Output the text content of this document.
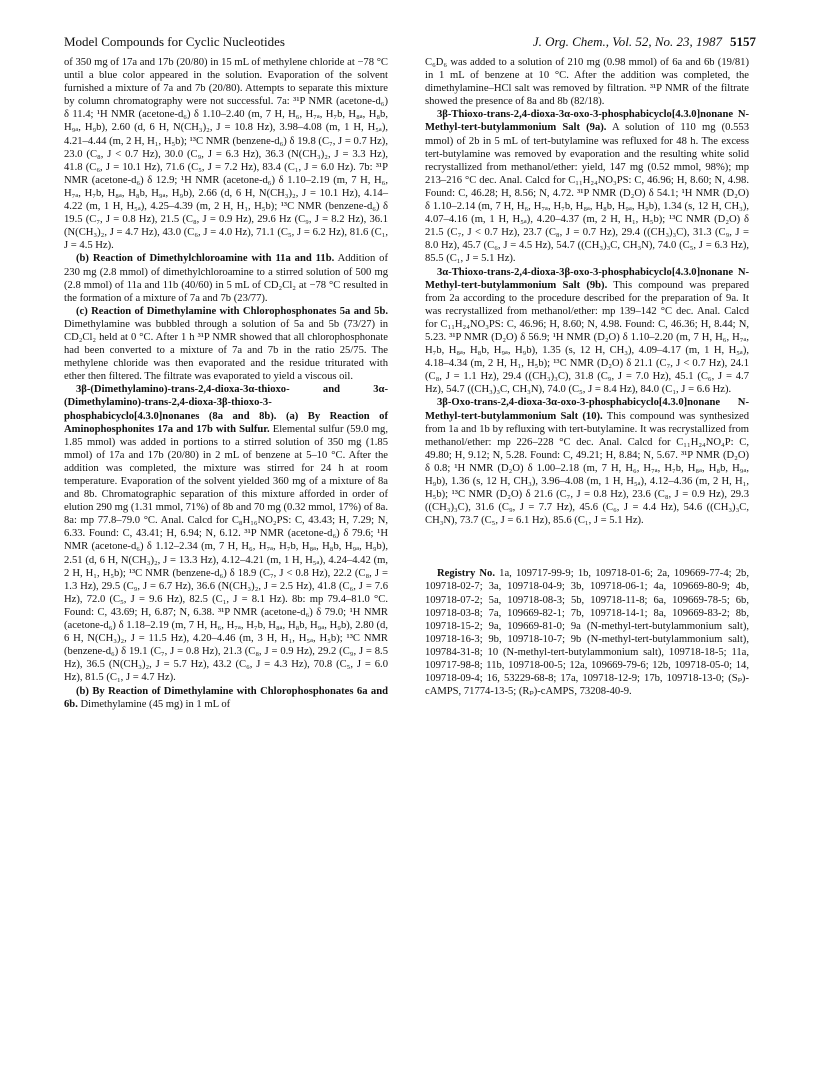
Model Compounds for Cyclic Nucleotides	J. Org. Chem., Vol. 52, No. 23, 1987 5157

of 350 mg of 17a and 17b (20/80) in 15 mL of methylene chloride at −78 °C until a blue color appeared in the solution. Evaporation of the solvent furnished a mixture of 7a and 7b (20/80). Attempts to separate this mixture by column chromatography were not successful. 7a: ³¹P NMR (acetone-d₆) δ 11.4; ¹H NMR (acetone-d₆) δ 1.10–2.40 (m, 7 H, H₆, H₇ₐ, H₇b, H₈ₐ, H₈b, H₉ₐ, H₉b), 2.60 (d, 6 H, N(CH₃)₂, J = 10.8 Hz), 3.98–4.08 (m, 1 H, H₅ₐ), 4.21–4.44 (m, 2 H, H₁, H₅b); ¹³C NMR (benzene-d₆) δ 19.8 (C₇, J = 0.7 Hz), 23.0 (C₈, J < 0.7 Hz), 30.0 (C₉, J = 6.3 Hz), 36.3 (N(CH₃)₂, J = 3.3 Hz), 41.8 (C₆, J = 10.1 Hz), 71.6 (C₅, J = 7.2 Hz), 83.4 (C₁, J = 6.0 Hz). 7b: ³¹P NMR (acetone-d₆) δ 12.9; ¹H NMR (acetone-d₆) δ 1.10–2.19 (m, 7 H, H₆, H₇ₐ, H₇b, H₈ₐ, H₈b, H₉ₐ, H₉b), 2.66 (d, 6 H, N(CH₃)₂, J = 10.1 Hz), 4.14–4.22 (m, 1 H, H₅ₐ), 4.25–4.39 (m, 2 H, H₁, H₅b); ¹³C NMR (benzene-d₆) δ 19.5 (C₇, J = 0.8 Hz), 21.5 (C₈, J = 0.9 Hz), 29.6 Hz (C₉, J = 8.2 Hz), 36.1 (N(CH₃)₂, J = 4.7 Hz), 43.0 (C₆, J = 4.0 Hz), 71.1 (C₅, J = 6.2 Hz), 81.6 (C₁, J = 4.5 Hz).

(b) Reaction of Dimethylchloroamine with 11a and 11b. Addition of 230 mg (2.8 mmol) of dimethylchloroamine to a stirred solution of 500 mg (2.8 mmol) of 11a and 11b (40/60) in 5 mL of CD₂Cl₂ at −78 °C resulted in the formation of a mixture of 7a and 7b (23/77).

(c) Reaction of Dimethylamine with Chlorophosphonates 5a and 5b. Dimethylamine was bubbled through a solution of 5a and 5b (73/27) in CD₂Cl₂ held at 0 °C. After 1 h ³¹P NMR showed that all chlorophosphonate had been converted to a mixture of 7a and 7b in the ratio 25/75. The methylene chloride was then evaporated and the residue triturated with ether then filtered. The filtrate was evaporated to yield a viscous oil.

3β-(Dimethylamino)-trans-2,4-dioxa-3α-thioxo- and 3α-(Dimethylamino)-trans-2,4-dioxa-3β-thioxo-3-phosphabicyclo[4.3.0]nonanes (8a and 8b). (a) By Reaction of Aminophosphonites 17a and 17b with Sulfur. Elemental sulfur (59.0 mg, 1.85 mmol) was added in portions to a stirred solution of 350 mg (1.85 mmol) of 17a and 17b (20/80) in 2 mL of benzene at 5–10 °C. After the addition was completed, the mixture was stirred for 24 h at room temperature. Evaporation of the solvent yielded 360 mg of a mixture of 8a and 8b. Chromatographic separation of this mixture afforded in order of elution 290 mg (1.31 mmol, 71%) of 8b and 70 mg (0.32 mmol, 17%) of 8a. 8a: mp 77.8–79.0 °C. Anal. Calcd for C₈H₁₆NO₂PS: C, 43.43; H, 7.29; N, 6.33. Found: C, 43.41; H, 6.94; N, 6.12. ³¹P NMR (acetone-d₆) δ 79.6; ¹H NMR (acetone-d₆) δ 1.12–2.34 (m, 7 H, H₆, H₇ₐ, H₇b, H₈ₐ, H₈b, H₉ₐ, H₉b), 2.51 (d, 6 H, N(CH₃)₂, J = 13.3 Hz), 4.12–4.21 (m, 1 H, H₅ₐ), 4.24–4.42 (m, 2 H, H₁, H₅b); ¹³C NMR (benzene-d₆) δ 18.9 (C₇, J < 0.8 Hz), 22.2 (C₈, J = 1.3 Hz), 29.5 (C₉, J = 6.7 Hz), 36.6 (N(CH₃)₂, J = 2.5 Hz), 41.8 (C₆, J = 7.6 Hz), 72.0 (C₅, J = 9.6 Hz), 82.5 (C₁, J = 8.1 Hz). 8b: mp 79.4–81.0 °C. Found: C, 43.69; H, 6.87; N, 6.38. ³¹P NMR (acetone-d₆) δ 79.0; ¹H NMR (acetone-d₆) δ 1.18–2.19 (m, 7 H, H₆, H₇ₐ, H₇b, H₈ₐ, H₈b, H₉ₐ, H₉b), 2.80 (d, 6 H, N(CH₃)₂, J = 11.5 Hz), 4.20–4.46 (m, 3 H, H₁, H₅ₐ, H₅b); ¹³C NMR (benzene-d₆) δ 19.1 (C₇, J = 0.8 Hz), 21.3 (C₈, J = 0.9 Hz), 29.2 (C₉, J = 8.5 Hz), 36.5 (N(CH₃)₂, J = 5.7 Hz), 43.2 (C₆, J = 4.3 Hz), 70.8 (C₅, J = 6.0 Hz), 81.5 (C₁, J = 4.7 Hz).

(b) By Reaction of Dimethylamine with Chlorophosphonates 6a and 6b. Dimethylamine (45 mg) in 1 mL of

C₆D₆ was added to a solution of 210 mg (0.98 mmol) of 6a and 6b (19/81) in 1 mL of benzene at 10 °C. After the addition was completed, the dimethylamine–HCl salt was removed by filtration. ³¹P NMR of the filtrate showed the presence of 8a and 8b (82/18).

3β-Thioxo-trans-2,4-dioxa-3α-oxo-3-phosphabicyclo[4.3.0]nonane N-Methyl-tert-butylammonium Salt (9a). A solution of 110 mg (0.553 mmol) of 2b in 5 mL of tert-butylamine was refluxed for 48 h. The excess tert-butylamine was removed by evaporation and the resulting white solid recrystallized from methanol/ether: yield, 147 mg (0.52 mmol, 98%); mp 213–216 °C dec. Anal. Calcd for C₁₁H₂₄NO₃PS: C, 46.96; H, 8.60; N, 4.98. Found: C, 46.28; H, 8.56; N, 4.72. ³¹P NMR (D₂O) δ 54.1; ¹H NMR (D₂O) δ 1.10–2.14 (m, 7 H, H₆, H₇ₐ, H₇b, H₈ₐ, H₈b, H₉ₐ, H₉b), 1.34 (s, 12 H, CH₃), 4.07–4.16 (m, 1 H, H₅ₐ), 4.20–4.37 (m, 2 H, H₁, H₅b); ¹³C NMR (D₂O) δ 21.5 (C₇, J < 0.7 Hz), 23.7 (C₈, J = 0.7 Hz), 29.4 ((CH₃)₃C), 31.3 (C₉, J = 8.0 Hz), 45.7 (C₆, J = 4.5 Hz), 54.7 ((CH₃)₃C, CH₃N), 74.0 (C₅, J = 6.3 Hz), 85.5 (C₁, J = 5.1 Hz).

3α-Thioxo-trans-2,4-dioxa-3β-oxo-3-phosphabicyclo[4.3.0]nonane N-Methyl-tert-butylammonium Salt (9b). This compound was prepared from 2a according to the procedure described for the preparation of 9a. It was recrystallized from methanol/ether: mp 139–142 °C dec. Anal. Calcd for C₁₁H₂₄NO₃PS: C, 46.96; H, 8.60; N, 4.98. Found: C, 46.36; H, 8.44; N, 5.23. ³¹P NMR (D₂O) δ 56.9; ¹H NMR (D₂O) δ 1.10–2.20 (m, 7 H, H₆, H₇ₐ, H₇b, H₈ₐ, H₈b, H₉ₐ, H₉b), 1.35 (s, 12 H, CH₃), 4.09–4.17 (m, 1 H, H₅ₐ), 4.18–4.34 (m, 2 H, H₁, H₅b); ¹³C NMR (D₂O) δ 21.1 (C₇, J < 0.7 Hz), 24.1 (C₈, J = 1.1 Hz), 29.4 ((CH₃)₃C), 31.8 (C₉, J = 7.0 Hz), 45.1 (C₆, J = 4.7 Hz), 54.7 ((CH₃)₃C, CH₃N), 74.0 (C₅, J = 8.4 Hz), 84.0 (C₁, J = 6.6 Hz).

3β-Oxo-trans-2,4-dioxa-3α-oxo-3-phosphabicyclo[4.3.0]nonane N-Methyl-tert-butylammonium Salt (10). This compound was synthesized from 1a and 1b by refluxing with tert-butylamine. It was recrystallized from methanol/ether: mp 226–228 °C dec. Anal. Calcd for C₁₁H₂₄NO₄P: C, 49.80; H, 9.12; N, 5.28. Found: C, 49.21; H, 8.84; N, 5.67. ³¹P NMR (D₂O) δ 0.8; ¹H NMR (D₂O) δ 1.00–2.18 (m, 7 H, H₆, H₇ₐ, H₇b, H₈ₐ, H₈b, H₉ₐ, H₉b), 1.36 (s, 12 H, CH₃), 3.96–4.08 (m, 1 H, H₅ₐ), 4.12–4.36 (m, 2 H, H₁, H₅b); ¹³C NMR (D₂O) δ 21.6 (C₇, J = 0.8 Hz), 23.6 (C₈, J = 0.9 Hz), 29.3 ((CH₃)₃C), 31.6 (C₉, J = 7.7 Hz), 45.6 (C₆, J = 4.4 Hz), 54.6 ((CH₃)₃C, CH₃N), 73.7 (C₅, J = 6.1 Hz), 85.6 (C₁, J = 5.1 Hz).

Registry No. 1a, 109717-99-9; 1b, 109718-01-6; 2a, 109669-77-4; 2b, 109718-02-7; 3a, 109718-04-9; 3b, 109718-06-1; 4a, 109669-80-9; 4b, 109718-07-2; 5a, 109718-08-3; 5b, 109718-11-8; 6a, 109669-78-5; 6b, 109718-03-8; 7a, 109669-82-1; 7b, 109718-14-1; 8a, 109669-83-2; 8b, 109718-15-2; 9a, 109669-81-0; 9a (N-methyl-tert-butylammonium salt), 109718-16-3; 9b, 109718-10-7; 9b (N-methyl-tert-butylammonium salt), 109784-31-8; 10 (N-methyl-tert-butylammonium salt), 109718-18-5; 11a, 109717-98-8; 11b, 109718-00-5; 12a, 109669-79-6; 12b, 109718-05-0; 14, 109718-09-4; 16, 53229-68-8; 17a, 109718-12-9; 17b, 109718-13-0; (Sₚ)-cAMPS, 71774-13-5; (Rₚ)-cAMPS, 73208-40-9.
